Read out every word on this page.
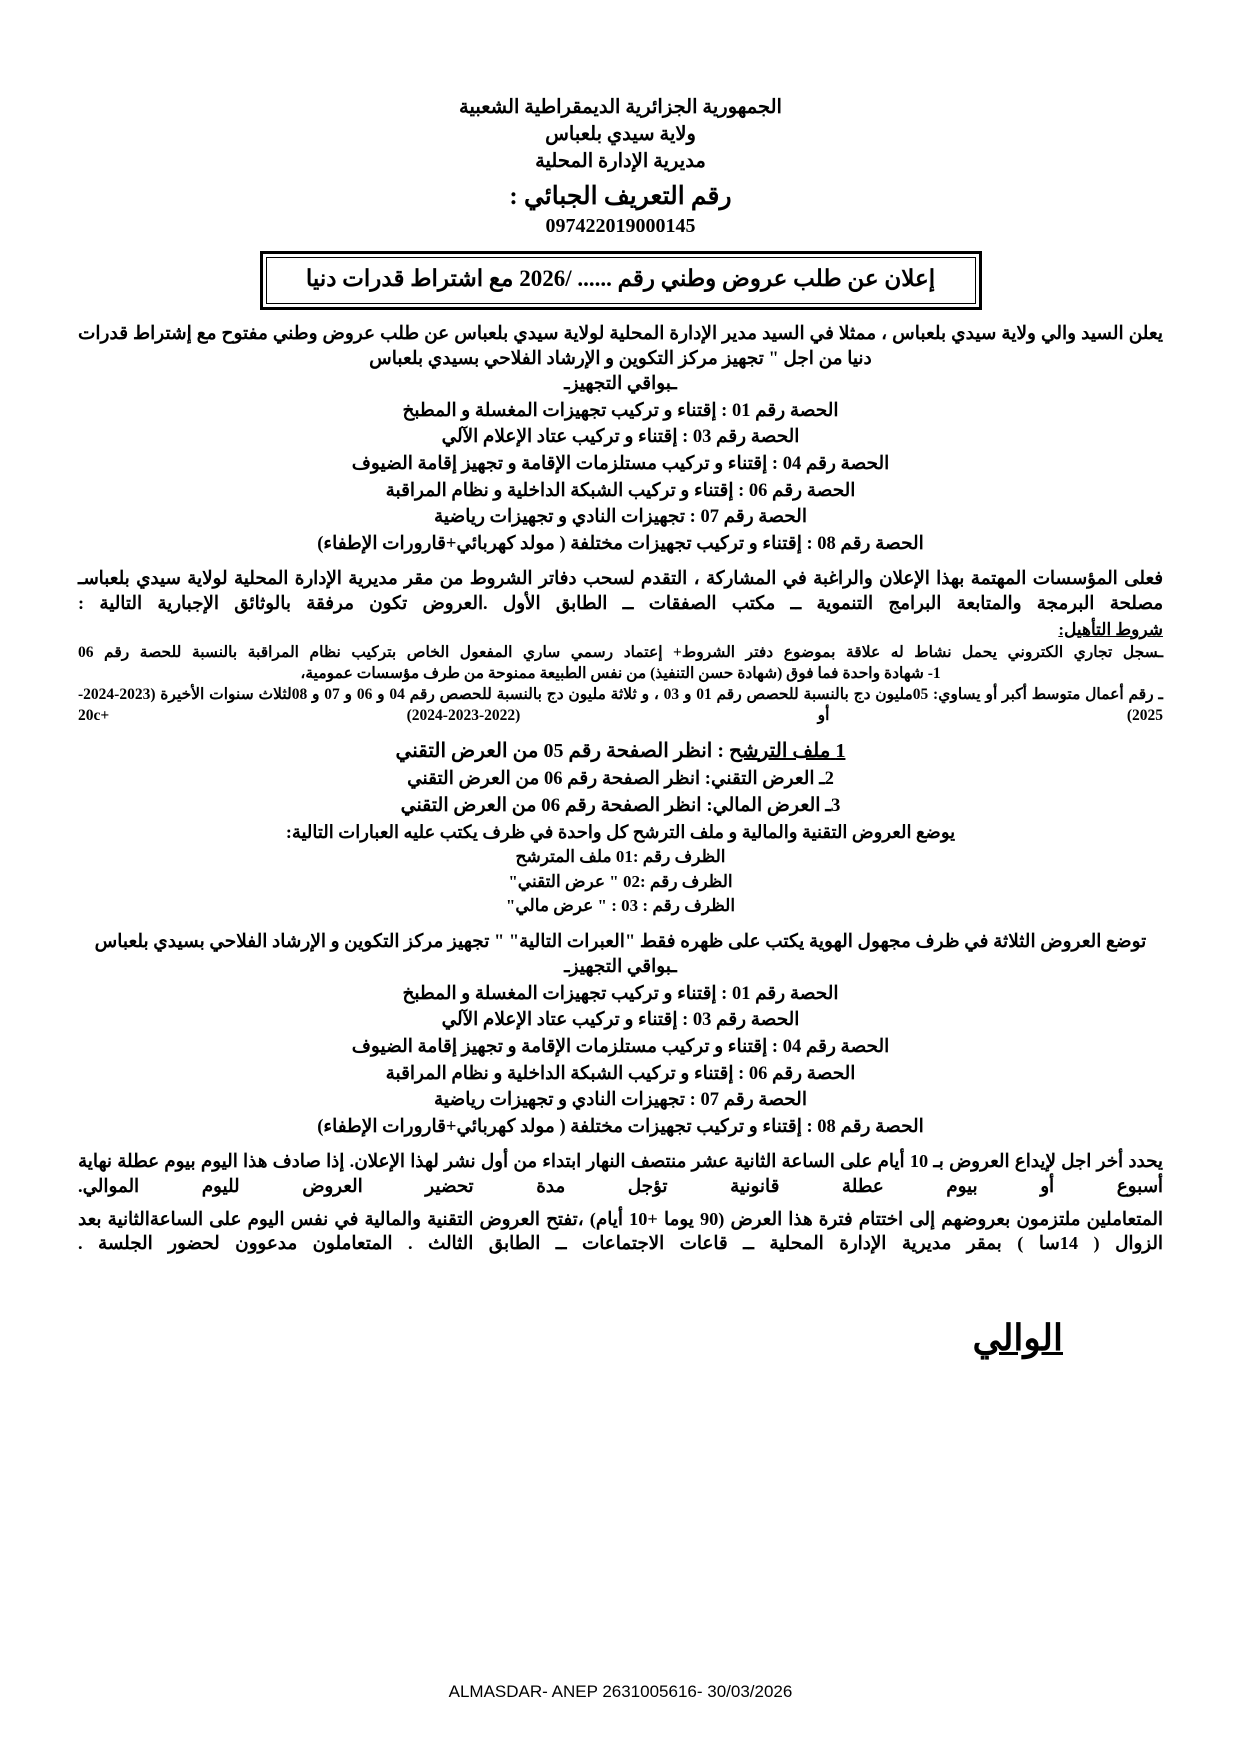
الجمهورية الجزائرية الديمقراطية الشعبية
ولاية سيدي بلعباس
مديرية الإدارة المحلية
رقم التعريف الجبائي :
097422019000145
إعلان عن طلب عروض وطني رقم ...... /2026 مع اشتراط قدرات دنيا
يعلن السيد والي ولاية سيدي بلعباس ، ممثلا في السيد مدير الإدارة المحلية لولاية سيدي بلعباس عن طلب عروض وطني مفتوح مع إشتراط قدرات دنيا من اجل " تجهيز مركز التكوين و الإرشاد الفلاحي بسيدي بلعباس
ـبواقي التجهيزـ
الحصة رقم 01 : إقتناء و تركيب تجهيزات المغسلة و المطبخ
الحصة رقم 03 : إقتناء و تركيب عتاد الإعلام الآلي
الحصة رقم 04 : إقتناء و تركيب مستلزمات الإقامة و تجهيز إقامة الضيوف
الحصة رقم 06 : إقتناء و تركيب الشبكة الداخلية و نظام المراقبة
الحصة رقم 07 : تجهيزات النادي و تجهيزات رياضية
الحصة رقم 08 : إقتناء و تركيب تجهيزات مختلفة ( مولد كهربائي+قارورات الإطفاء)
فعلى المؤسسات المهتمة بهذا الإعلان والراغبة في المشاركة ، التقدم لسحب دفاتر الشروط من مقر مديرية الإدارة المحلية لولاية سيدي بلعباسـ مصلحة البرمجة والمتابعة البرامج التنموية ــ مكتب الصفقات ــ الطابق الأول .العروض تكون مرفقة بالوثائق الإجبارية التالية :
شروط التأهيل:
ـسجل تجاري الكتروني يحمل نشاط له علاقة بموضوع دفتر الشروط+ إعتماد رسمي ساري المفعول الخاص بتركيب نظام المراقبة بالنسبة للحصة رقم 06
1- شهادة واحدة فما فوق (شهادة حسن التنفيذ) من نفس الطبيعة ممنوحة من طرف مؤسسات عمومية،
ـ رقم أعمال متوسط أكبر أو يساوي: 05مليون دج بالنسبة للحصص رقم 01 و 03 ، و ثلاثة مليون دج بالنسبة للحصص رقم 04 و 06 و 07 و 08لثلاث سنوات الأخيرة (2023-2024-2025) أو (2022-2023-2024) +20c
1 ملف الترشح : انظر الصفحة رقم 05 من العرض التقني
2ـ العرض التقني: انظر الصفحة رقم 06 من العرض التقني
3ـ العرض المالي: انظر الصفحة رقم 06 من العرض التقني
يوضع العروض التقنية والمالية و ملف الترشح كل واحدة في ظرف يكتب عليه العبارات التالية:
الظرف رقم :01 ملف المترشح
الظرف رقم :02 " عرض التقني"
الظرف رقم : 03 : " عرض مالي"
توضع العروض الثلاثة في ظرف مجهول الهوية يكتب على ظهره فقط "العبرات التالية" " تجهيز مركز التكوين و الإرشاد الفلاحي بسيدي بلعباس
ـبواقي التجهيزـ
الحصة رقم 01 : إقتناء و تركيب تجهيزات المغسلة و المطبخ
الحصة رقم 03 : إقتناء و تركيب عتاد الإعلام الآلي
الحصة رقم 04 : إقتناء و تركيب مستلزمات الإقامة و تجهيز إقامة الضيوف
الحصة رقم 06 : إقتناء و تركيب الشبكة الداخلية و نظام المراقبة
الحصة رقم 07 : تجهيزات النادي و تجهيزات رياضية
الحصة رقم 08 : إقتناء و تركيب تجهيزات مختلفة ( مولد كهربائي+قارورات الإطفاء)
يحدد أخر اجل لإيداع العروض بـ 10 أيام على الساعة الثانية عشر منتصف النهار ابتداء من أول نشر لهذا الإعلان. إذا صادف هذا اليوم بيوم عطلة نهاية أسبوع أو بيوم عطلة قانونية تؤجل مدة تحضير العروض لليوم الموالي.
المتعاملين ملتزمون بعروضهم إلى اختتام فترة هذا العرض (90 يوما +10 أيام) ،تفتح العروض التقنية والمالية في نفس اليوم على الساعةالثانية بعد الزوال ( 14سا ) بمقر مديرية الإدارة المحلية ــ قاعات الاجتماعات ــ الطابق الثالث . المتعاملون مدعوون لحضور الجلسة .
الوالي
ALMASDAR- ANEP 2631005616- 30/03/2026
